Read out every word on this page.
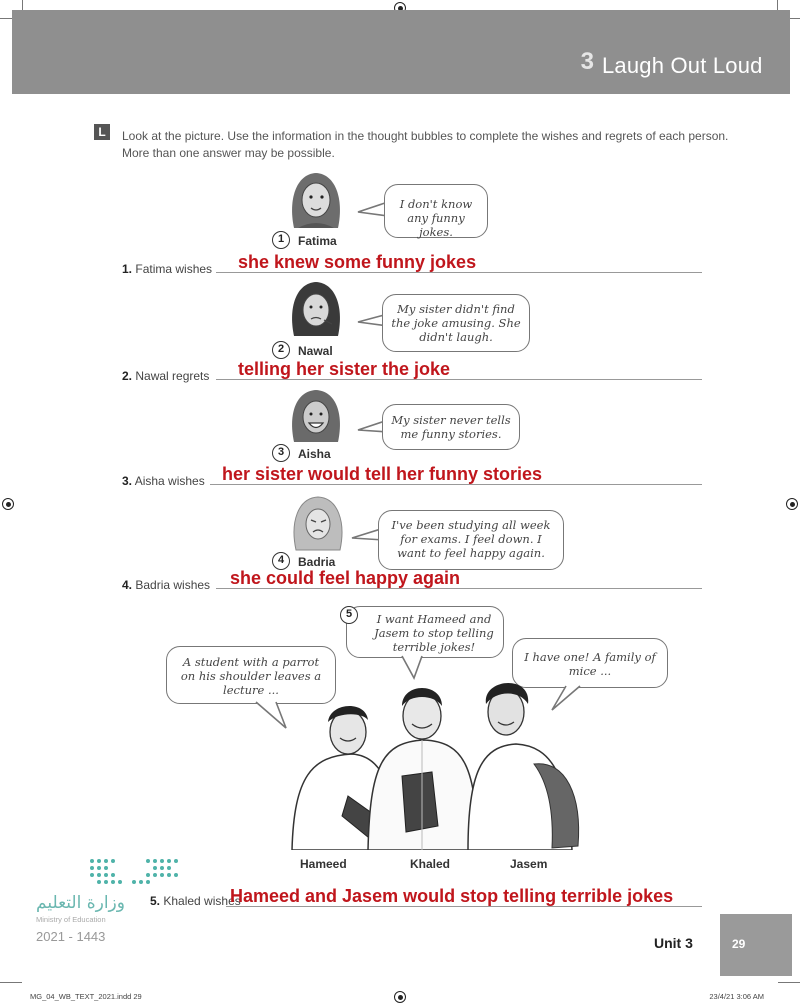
3 Laugh Out Loud
L	Look at the picture. Use the information in the thought bubbles to complete the wishes and regrets of each person. More than one answer may be possible.
I don't know any funny jokes.
1	Fatima
1. Fatima wishes she knew some funny jokes
My sister didn't find the joke amusing. She didn't laugh.
2	Nawal
2. Nawal regrets telling her sister the joke
My sister never tells me funny stories.
3	Aisha
3. Aisha wishes her sister would tell her funny stories
I've been studying all week for exams. I feel down. I want to feel happy again.
4	Badria
4. Badria wishes she could feel happy again
I want Hameed and Jasem to stop telling terrible jokes!
5
A student with a parrot on his shoulder leaves a lecture ...
I have one! A family of mice ...
Hameed	Khaled	Jasem
وزارة التعليم
Ministry of Education
2021 - 1443
5. Khaled wishes
Hameed and Jasem would stop telling terrible jokes
Unit 3	29
MG_04_WB_TEXT_2021.indd 29	23/4/21 3:06 AM
